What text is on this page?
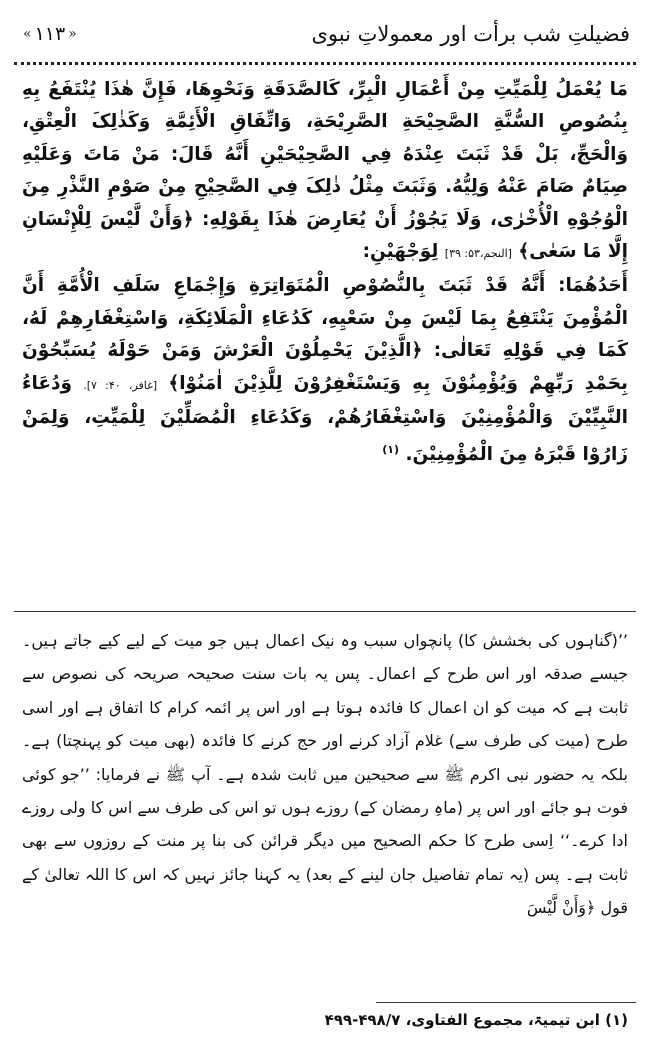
فضیلتِ شب برأت اور معمولاتِ نبوی
« ۱۱۳ »

مَا يُعْمَلُ لِلْمَيِّتِ مِنْ أَعْمَالِ الْبِرِّ، كَالصَّدَقَةِ وَنَحْوِهَا، فَإِنَّ هٰذَا يُنْتَفَعُ بِهِ بِنُصُوصِ السُّنَّةِ الصَّحِيْحَةِ الصَّرِيْحَةِ، وَاتِّفَاقِ الْأَئِمَّةِ وَكَذٰلِکَ الْعِتْقِ، وَالْحَجِّ، بَلْ قَدْ ثَبَتَ عِنْدَهُ فِي الصَّحِيْحَيْنِ أَنَّهُ قَالَ: مَنْ مَاتَ وَعَلَيْهِ صِيَامٌ صَامَ عَنْهُ وَلِيُّهُ. وَثَبَتَ مِثْلُ ذٰلِکَ فِي الصَّحِيْحِ مِنْ صَوْمِ النَّذْرِ مِنَ الْوُجُوْهِ الْأُخْرٰى، وَلَا يَجُوْزُ أَنْ يُعَارِضَ هٰذَا بِقَوْلِهِ: ﴿وَأَنْ لَّيْسَ لِلْإِنْسَانِ إِلَّا مَا سَعٰى﴾ [النجم،۵۳: ۳۹] لِوَجْهَيْنِ:

أَحَدُهُمَا: أَنَّهُ قَدْ ثَبَتَ بِالنُّصُوْصِ الْمُتَوَاتِرَةِ وَإِجْمَاعِ سَلَفِ الْأُمَّةِ أَنَّ الْمُؤْمِنَ يَنْتَفِعُ بِمَا لَيْسَ مِنْ سَعْيِهِ، كَدُعَاءِ الْمَلَائِكَةِ، وَاسْتِغْفَارِهِمْ لَهُ، كَمَا فِي قَوْلِهِ تَعَالٰى: ﴿الَّذِيْنَ يَحْمِلُوْنَ الْعَرْشَ وَمَنْ حَوْلَهُ يُسَبِّحُوْنَ بِحَمْدِ رَبِّهِمْ وَيُؤْمِنُوْنَ بِهِ وَيَسْتَغْفِرُوْنَ لِلَّذِيْنَ اٰمَنُوْا﴾ [غافر، ۴۰: ۷]. وَدُعَاءُ النَّبِيِّيْنَ وَالْمُؤْمِنِيْنَ وَاسْتِغْفَارُهُمْ، وَكَدُعَاءِ الْمُصَلِّيْنَ لِلْمَيِّتِ، وَلِمَنْ زَارُوْا قَبْرَهُ مِنَ الْمُؤْمِنِيْنَ. $^{(۱)}$

’’(گناہوں کی بخشش کا) پانچواں سبب وہ نیک اعمال ہیں جو میت کے لیے کیے جاتے ہیں۔ جیسے صدقہ اور اس طرح کے اعمال۔ پس یہ بات سنت صحیحہ صریحہ کی نصوص سے ثابت ہے کہ میت کو ان اعمال کا فائدہ ہوتا ہے اور اس پر ائمہ کرام کا اتفاق ہے اور اسی طرح (میت کی طرف سے) غلام آزاد کرنے اور حج کرنے کا فائدہ (بھی میت کو پہنچتا) ہے۔ بلکہ یہ حضور نبی اکرم ﷺ سے صحیحین میں ثابت شدہ ہے۔ آپ ﷺ نے فرمایا: ’’جو کوئی فوت ہو جائے اور اس پر (ماہِ رمضان کے) روزے ہوں تو اس کی طرف سے اس کا ولی روزے ادا کرے۔‘‘ اِسی طرح کا حکم الصحیح میں دیگر قرائن کی بنا پر منت کے روزوں سے بھی ثابت ہے۔ پس (یہ تمام تفاصیل جان لینے کے بعد) یہ کہنا جائز نہیں کہ اس کا اللہ تعالیٰ کے قول ﴿وَأَنْ لَّيْسَ

(۱) ابن تیمیۃ، مجموع الفتاوی، ۴۹۸/۷-۴۹۹
